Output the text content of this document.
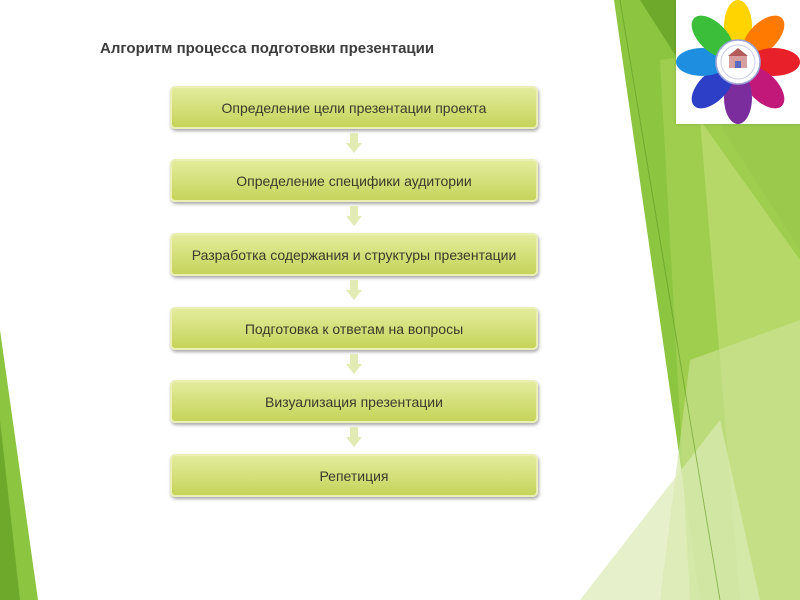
Алгоритм процесса подготовки презентации
Определение цели презентации проекта
Определение специфики аудитории
Разработка содержания и структуры презентации
Подготовка к ответам на вопросы
Визуализация презентации
Репетиция
